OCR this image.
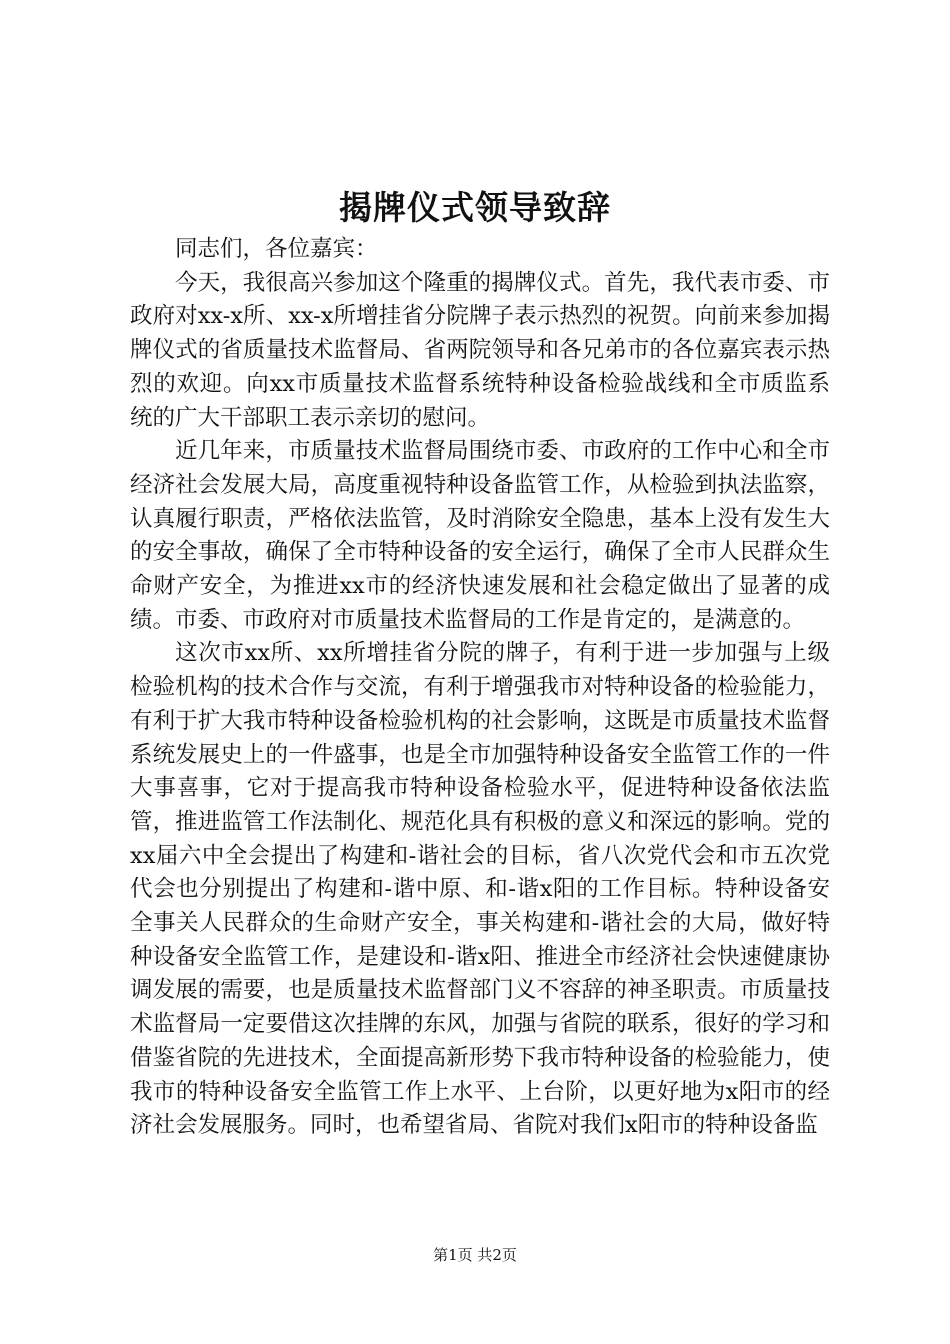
揭牌仪式领导致辞

同志们，各位嘉宾：

今天，我很高兴参加这个隆重的揭牌仪式。首先，我代表市委、市政府对xx-x所、xx-x所增挂省分院牌子表示热烈的祝贺。向前来参加揭牌仪式的省质量技术监督局、省两院领导和各兄弟市的各位嘉宾表示热烈的欢迎。向xx市质量技术监督系统特种设备检验战线和全市质监系统的广大干部职工表示亲切的慰问。

近几年来，市质量技术监督局围绕市委、市政府的工作中心和全市经济社会发展大局，高度重视特种设备监管工作，从检验到执法监察，认真履行职责，严格依法监管，及时消除安全隐患，基本上没有发生大的安全事故，确保了全市特种设备的安全运行，确保了全市人民群众生命财产安全，为推进xx市的经济快速发展和社会稳定做出了显著的成绩。市委、市政府对市质量技术监督局的工作是肯定的，是满意的。

这次市xx所、xx所增挂省分院的牌子，有利于进一步加强与上级检验机构的技术合作与交流，有利于增强我市对特种设备的检验能力，有利于扩大我市特种设备检验机构的社会影响，这既是市质量技术监督系统发展史上的一件盛事，也是全市加强特种设备安全监管工作的一件大事喜事，它对于提高我市特种设备检验水平，促进特种设备依法监管，推进监管工作法制化、规范化具有积极的意义和深远的影响。党的xx届六中全会提出了构建和-谐社会的目标，省八次党代会和市五次党代会也分别提出了构建和-谐中原、和-谐x阳的工作目标。特种设备安全事关人民群众的生命财产安全，事关构建和-谐社会的大局，做好特种设备安全监管工作，是建设和-谐x阳、推进全市经济社会快速健康协调发展的需要，也是质量技术监督部门义不容辞的神圣职责。市质量技术监督局一定要借这次挂牌的东风，加强与省院的联系，很好的学习和借鉴省院的先进技术，全面提高新形势下我市特种设备的检验能力，使我市的特种设备安全监管工作上水平、上台阶，以更好地为x阳市的经济社会发展服务。同时，也希望省局、省院对我们x阳市的特种设备监

第1页 共2页
